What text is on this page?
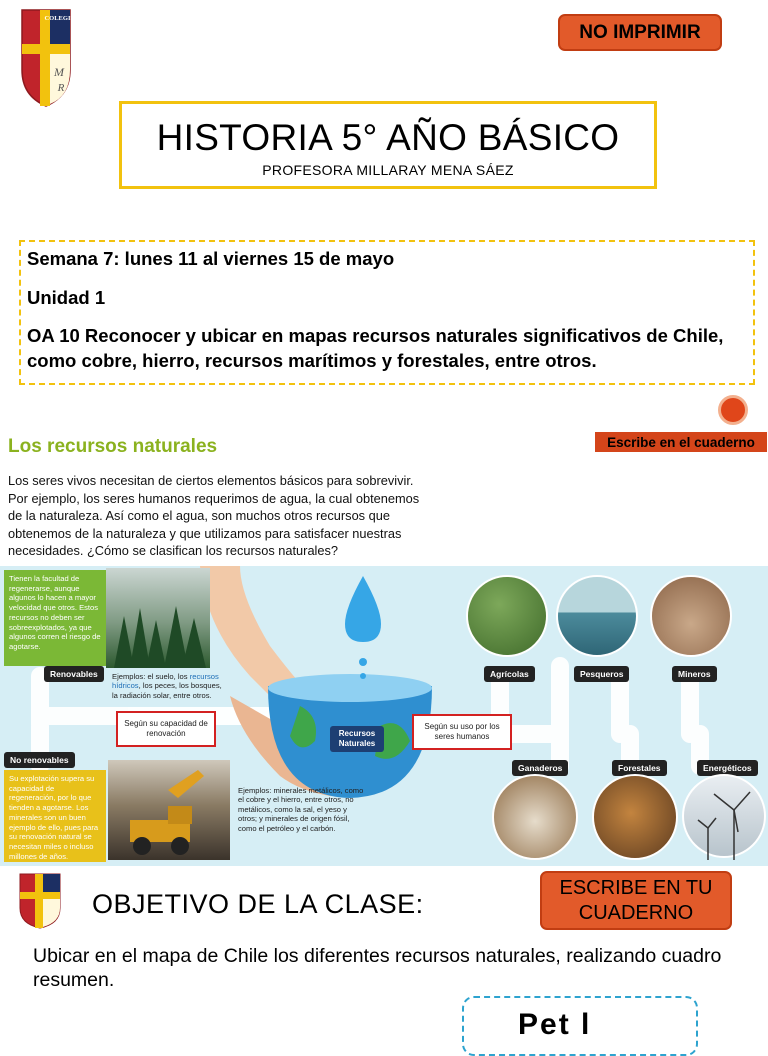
COLEGIO
M
R
NO IMPRIMIR
HISTORIA 5° AÑO BÁSICO
PROFESORA MILLARAY MENA SÁEZ
Semana 7: lunes 11 al viernes 15 de mayo
Unidad 1
OA 10 Reconocer y ubicar en mapas recursos naturales significativos de Chile, como cobre, hierro, recursos marítimos y forestales, entre otros.
Los recursos naturales	Escribe en el cuaderno
Los seres vivos necesitan de ciertos elementos básicos para sobrevivir. Por ejemplo, los seres humanos requerimos de agua, la cual obtenemos de la naturaleza. Así como el agua, son muchos otros recursos que obtenemos de la naturaleza y que utilizamos para satisfacer nuestras necesidades. ¿Cómo se clasifican los recursos naturales?
Tienen la facultad de regenerarse, aunque algunos lo hacen a mayor velocidad que otros. Estos recursos no deben ser sobreexplotados, ya que algunos corren el riesgo de agotarse.
Renovables	Ejemplos: el suelo, los recursos hídricos, los peces, los bosques, la radiación solar, entre otros.
Según su capacidad de renovación
Según su uso por los seres humanos
Recursos Naturales
No renovables
Su explotación supera su capacidad de regeneración, por lo que tienden a agotarse. Los minerales son un buen ejemplo de ello, pues para su renovación natural se necesitan miles o incluso millones de años.
Ejemplos: minerales metálicos, como el cobre y el hierro, entre otros, no metálicos, como la sal, el yeso y otros; y minerales de origen fósil, como el petróleo y el carbón.
Agrícolas	Pesqueros	Mineros
Ganaderos	Forestales	Energéticos
OBJETIVO DE LA CLASE:
ESCRIBE EN TU CUADERNO
Ubicar en el mapa de Chile los diferentes recursos naturales, realizando cuadro resumen.
Pet l
